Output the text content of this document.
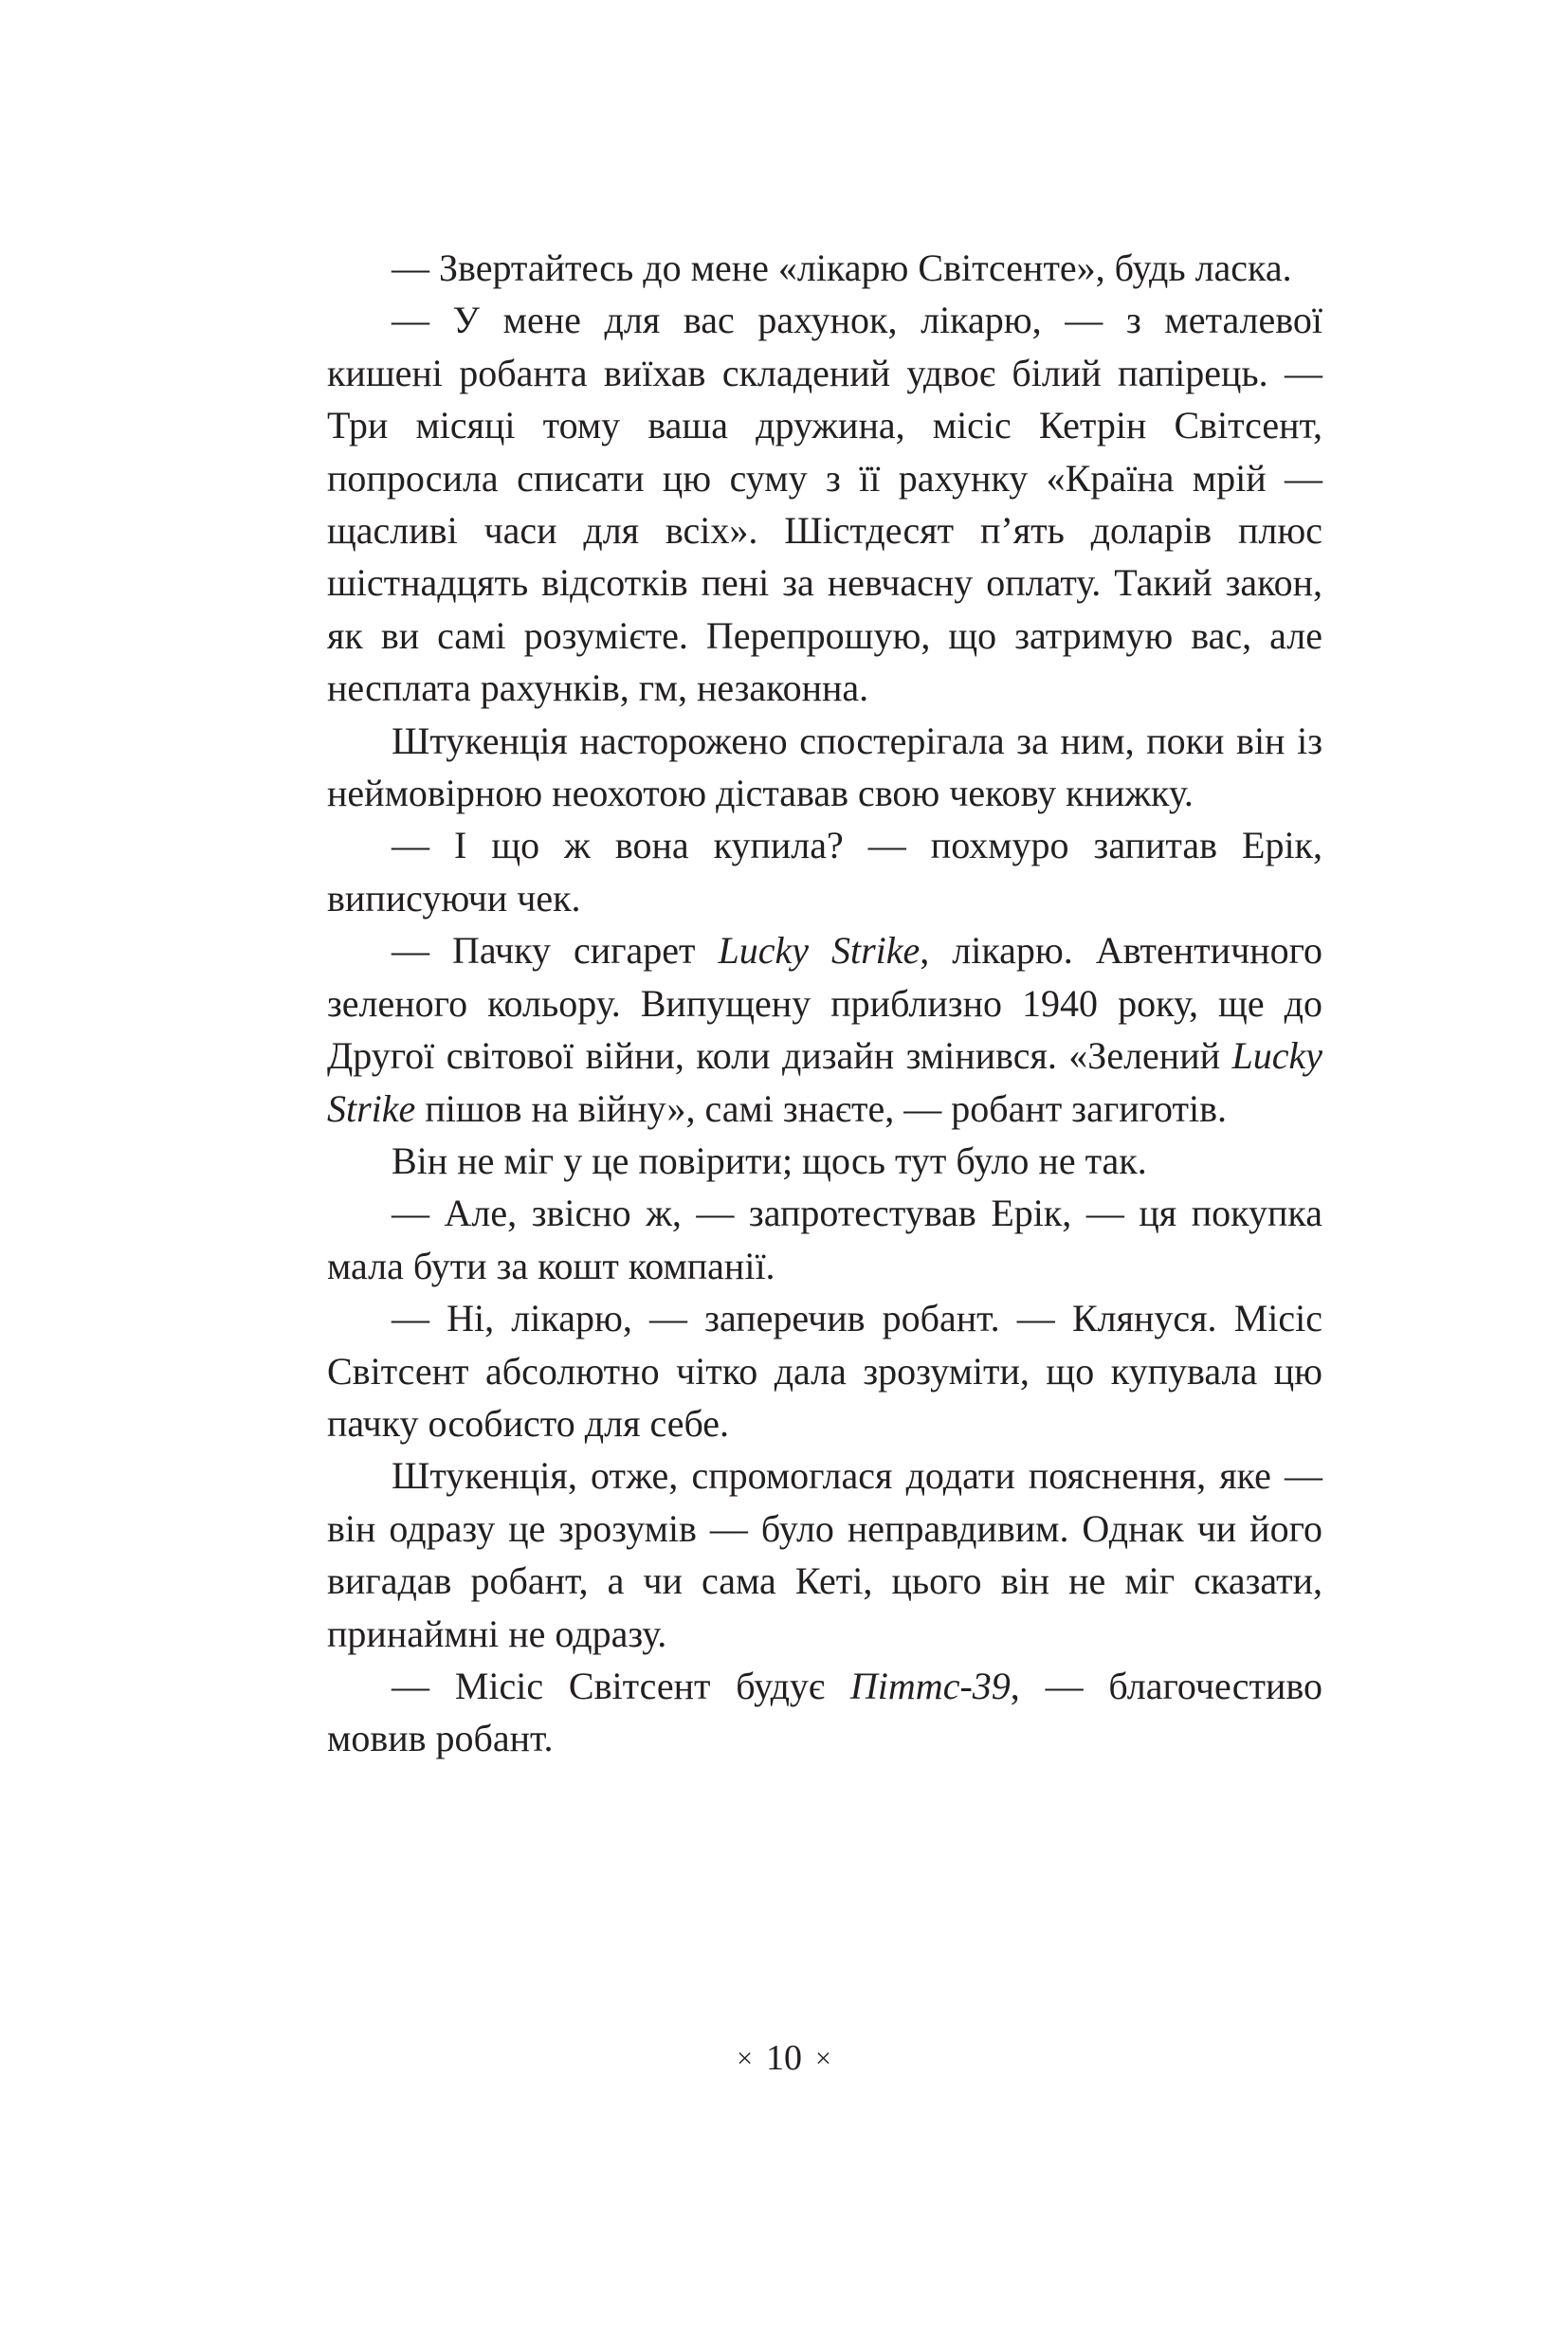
— Звертайтесь до мене «лікарю Світсенте», будь ласка.

— У мене для вас рахунок, лікарю, — з металевої кишені робанта виїхав складений удвоє білий папірець. — Три місяці тому ваша дружина, місіс Кетрін Світсент, попросила списати цю суму з її рахунку «Країна мрій — щасливі часи для всіх». Шістдесят п’ять доларів плюс шістнадцять відсотків пені за невчасну оплату. Такий закон, як ви самі розумієте. Перепрошую, що затримую вас, але несплата рахунків, гм, незаконна.

Штукенція насторожено спостерігала за ним, поки він із неймовірною неохотою діставав свою чекову книжку.

— І що ж вона купила? — похмуро запитав Ерік, виписуючи чек.

— Пачку сигарет Lucky Strike, лікарю. Автентичного зеленого кольору. Випущену приблизно 1940 року, ще до Другої світової війни, коли дизайн змінився. «Зелений Lucky Strike пішов на війну», самі знаєте, — робант загиготів.

Він не міг у це повірити; щось тут було не так.

— Але, звісно ж, — запротестував Ерік, — ця покупка мала бути за кошт компанії.

— Ні, лікарю, — заперечив робант. — Клянуся. Місіс Світсент абсолютно чітко дала зрозуміти, що купувала цю пачку особисто для себе.

Штукенція, отже, спромоглася додати пояснення, яке — він одразу це зрозумів — було неправдивим. Однак чи його вигадав робант, а чи сама Кеті, цього він не міг сказати, принаймні не одразу.

— Місіс Світсент будує Піттс-39, — благочестиво мовив робант.

× 10 ×
